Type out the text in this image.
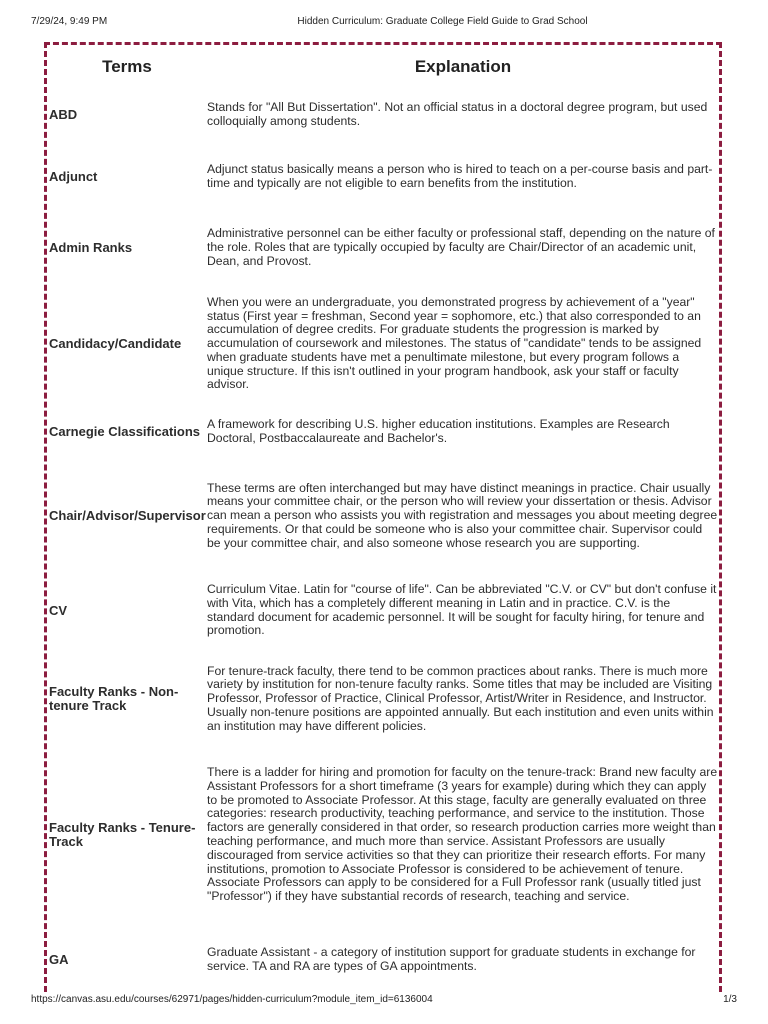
7/29/24, 9:49 PM	Hidden Curriculum: Graduate College Field Guide to Grad School
Terms	Explanation
ABD	Stands for "All But Dissertation". Not an official status in a doctoral degree program, but used colloquially among students.
Adjunct	Adjunct status basically means a person who is hired to teach on a per-course basis and part-time and typically are not eligible to earn benefits from the institution.
Admin Ranks	Administrative personnel can be either faculty or professional staff, depending on the nature of the role. Roles that are typically occupied by faculty are Chair/Director of an academic unit, Dean, and Provost.
Candidacy/Candidate	When you were an undergraduate, you demonstrated progress by achievement of a "year" status (First year = freshman, Second year = sophomore, etc.) that also corresponded to an accumulation of degree credits. For graduate students the progression is marked by accumulation of coursework and milestones. The status of "candidate" tends to be assigned when graduate students have met a penultimate milestone, but every program follows a unique structure. If this isn't outlined in your program handbook, ask your staff or faculty advisor.
Carnegie Classifications	A framework for describing U.S. higher education institutions. Examples are Research Doctoral, Postbaccalaureate and Bachelor's.
Chair/Advisor/Supervisor	These terms are often interchanged but may have distinct meanings in practice. Chair usually means your committee chair, or the person who will review your dissertation or thesis. Advisor can mean a person who assists you with registration and messages you about meeting degree requirements. Or that could be someone who is also your committee chair. Supervisor could be your committee chair, and also someone whose research you are supporting.
CV	Curriculum Vitae. Latin for "course of life". Can be abbreviated "C.V. or CV" but don't confuse it with Vita, which has a completely different meaning in Latin and in practice. C.V. is the standard document for academic personnel. It will be sought for faculty hiring, for tenure and promotion.
Faculty Ranks - Non-tenure Track	For tenure-track faculty, there tend to be common practices about ranks. There is much more variety by institution for non-tenure faculty ranks. Some titles that may be included are Visiting Professor, Professor of Practice, Clinical Professor, Artist/Writer in Residence, and Instructor. Usually non-tenure positions are appointed annually. But each institution and even units within an institution may have different policies.
Faculty Ranks - Tenure-Track	There is a ladder for hiring and promotion for faculty on the tenure-track: Brand new faculty are Assistant Professors for a short timeframe (3 years for example) during which they can apply to be promoted to Associate Professor. At this stage, faculty are generally evaluated on three categories: research productivity, teaching performance, and service to the institution. Those factors are generally considered in that order, so research production carries more weight than teaching performance, and much more than service. Assistant Professors are usually discouraged from service activities so that they can prioritize their research efforts. For many institutions, promotion to Associate Professor is considered to be achievement of tenure. Associate Professors can apply to be considered for a Full Professor rank (usually titled just "Professor") if they have substantial records of research, teaching and service.
GA	Graduate Assistant - a category of institution support for graduate students in exchange for service. TA and RA are types of GA appointments.
https://canvas.asu.edu/courses/62971/pages/hidden-curriculum?module_item_id=6136004	1/3
